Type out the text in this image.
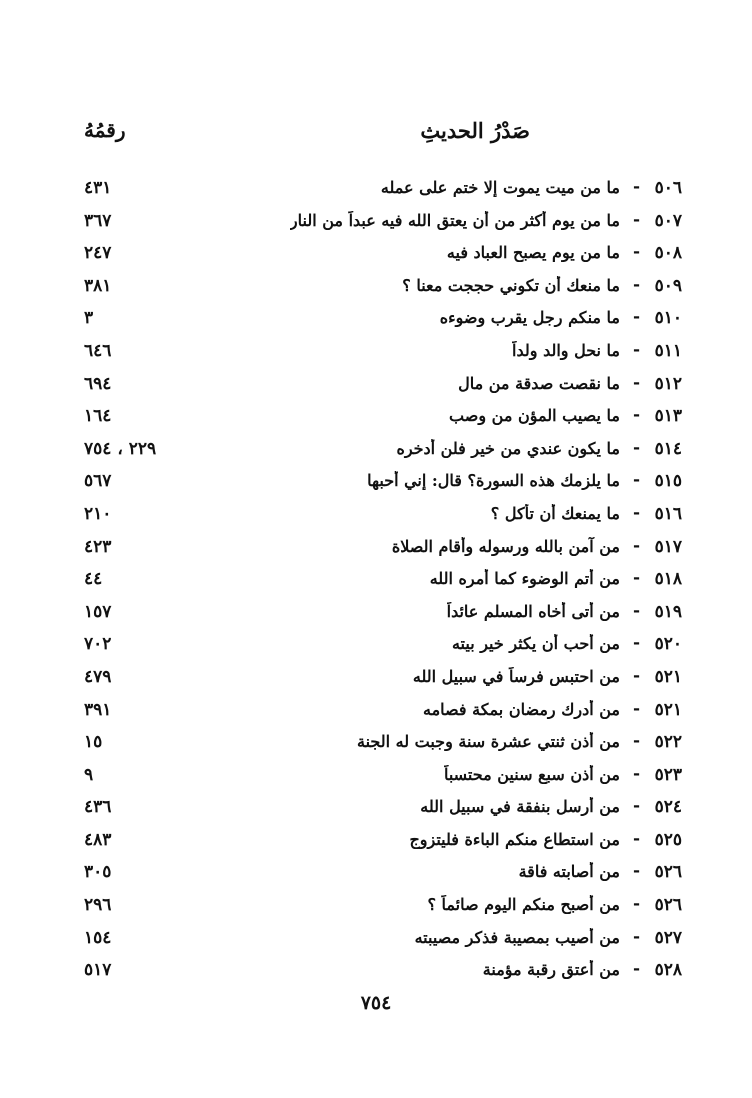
صَدْرُ الحديثِ
رقمُهُ
٥٠٦
-
ما من ميت يموت إلا ختم على عمله
٤٣١
٥٠٧
-
ما من يوم أكثر من أن يعتق الله فيه عبداً من النار
٣٦٧
٥٠٨
-
ما من يوم يصبح العباد فيه
٢٤٧
٥٠٩
-
ما منعك أن تكوني حججت معنا ؟
٣٨١
٥١٠
-
ما منكم رجل يقرب وضوءه
٣
٥١١
-
ما نحل والد ولداً
٦٤٦
٥١٢
-
ما نقصت صدقة من مال
٦٩٤
٥١٣
-
ما يصيب المؤن من وصب
١٦٤
٥١٤
-
ما يكون عندي من خير فلن أدخره
٢٢٩ ، ٧٥٤
٥١٥
-
ما يلزمك هذه السورة؟ قال: إني أحبها
٥٦٧
٥١٦
-
ما يمنعك أن تأكل ؟
٢١٠
٥١٧
-
من آمن بالله ورسوله وأقام الصلاة
٤٢٣
٥١٨
-
من أتم الوضوء كما أمره الله
٤٤
٥١٩
-
من أتى أخاه المسلم عائداً
١٥٧
٥٢٠
-
من أحب أن يكثر خير بيته
٧٠٢
٥٢١
-
من احتبس فرساً في سبيل الله
٤٧٩
٥٢١
-
من أدرك رمضان بمكة فصامه
٣٩١
٥٢٢
-
من أذن ثنتي عشرة سنة وجبت له الجنة
١٥
٥٢٣
-
من أذن سبع سنين محتسباً
٩
٥٢٤
-
من أرسل بنفقة في سبيل الله
٤٣٦
٥٢٥
-
من استطاع منكم الباءة فليتزوج
٤٨٣
٥٢٦
-
من أصابته فاقة
٣٠٥
٥٢٦
-
من أصبح منكم اليوم صائماً ؟
٢٩٦
٥٢٧
-
من أصيب بمصيبة فذكر مصيبته
١٥٤
٥٢٨
-
من أعتق رقبة مؤمنة
٥١٧
٧٥٤
